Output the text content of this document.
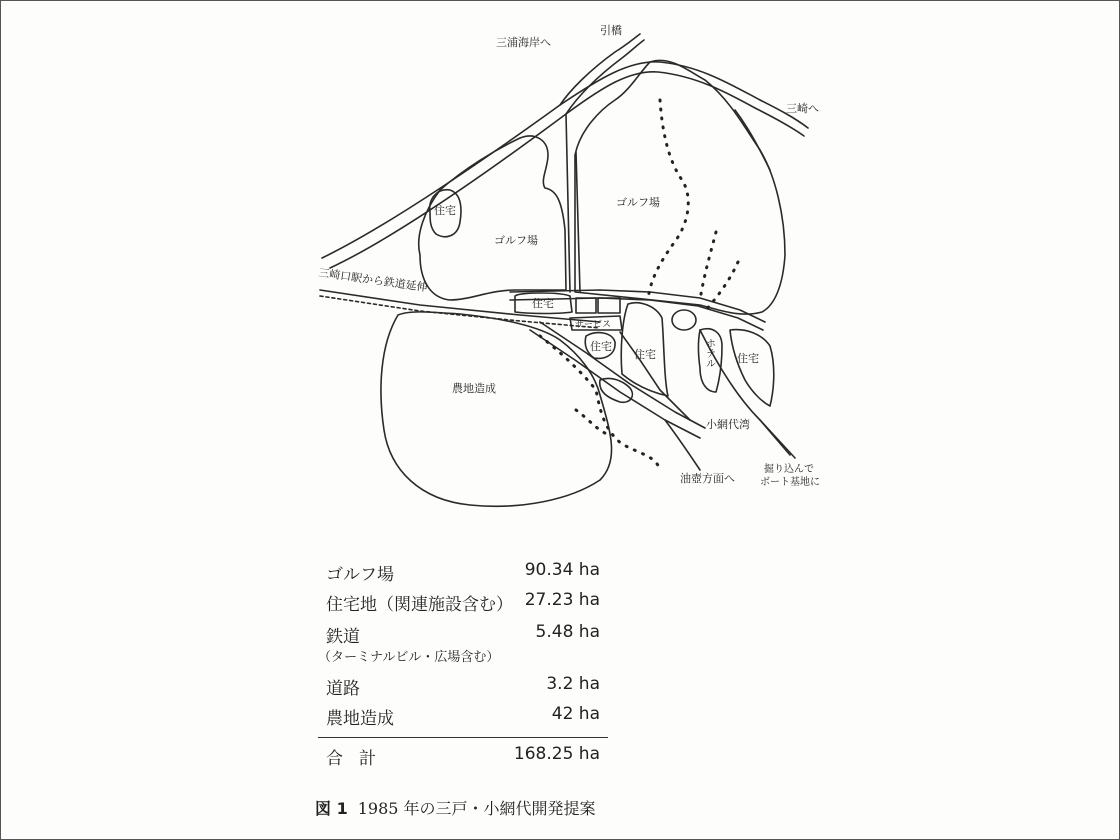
三浦海岸へ
引橋
三崎へ
三崎口駅から鉄道延伸
ゴルフ場
ゴルフ場
住宅
住宅
サービス
住宅
住宅	住宅
農地造成
小網代湾
掘り込んで
ボート基地に
油壺方面へ
ホテル
ゴルフ場	90.34 ha
住宅地（関連施設含む） 27.23 ha
鉄道	5.48 ha
（ターミナルビル・広場含む）
道路	3.2 ha
農地造成	42 ha
合計	168.25 ha
図 1 1985 年の三戸・小網代開発提案
